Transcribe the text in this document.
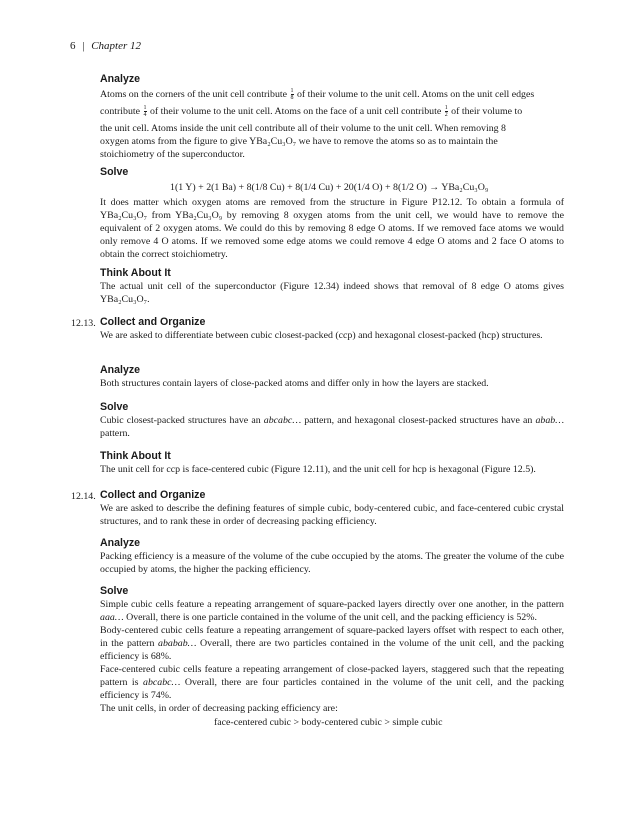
6 | Chapter 12
Analyze

Atoms on the corners of the unit cell contribute $\frac{1}{8}$ of their volume to the unit cell. Atoms on the unit cell edges

contribute $\frac{1}{4}$ of their volume to the unit cell. Atoms on the face of a unit cell contribute $\frac{1}{2}$ of their volume to

the unit cell. Atoms inside the unit cell contribute all of their volume to the unit cell. When removing 8

oxygen atoms from the figure to give YBa₂Cu₃O₇ we have to remove the atoms so as to maintain the

stoichiometry of the superconductor.

Solve
1(1 Y) + 2(1 Ba) + 8(1/8 Cu) + 8(1/4 Cu) + 20(1/4 O) + 8(1/2 O) → YBa₂Cu₃O₉
It does matter which oxygen atoms are removed from the structure in Figure P12.12. To obtain a formula of YBa₂Cu₃O₇ from YBa₂Cu₃O₉ by removing 8 oxygen atoms from the unit cell, we would have to remove the equivalent of 2 oxygen atoms. We could do this by removing 8 edge O atoms. If we removed face atoms we would only remove 4 O atoms. If we removed some edge atoms we could remove 4 edge O atoms and 2 face O atoms to obtain the correct stoichiometry.
Think About It

The actual unit cell of the superconductor (Figure 12.34) indeed shows that removal of 8 edge O atoms gives YBa₂Cu₃O₇.

12.13. Collect and Organize
We are asked to differentiate between cubic closest-packed (ccp) and hexagonal closest-packed (hcp) structures.
Analyze

Both structures contain layers of close-packed atoms and differ only in how the layers are stacked.

Solve

Cubic closest-packed structures have an abcabc… pattern, and hexagonal closest-packed structures have an abab… pattern.

Think About It

The unit cell for ccp is face-centered cubic (Figure 12.11), and the unit cell for hcp is hexagonal (Figure 12.5).

12.14. Collect and Organize
We are asked to describe the defining features of simple cubic, body-centered cubic, and face-centered cubic crystal structures, and to rank these in order of decreasing packing efficiency.
Analyze

Packing efficiency is a measure of the volume of the cube occupied by the atoms. The greater the volume of the cube occupied by atoms, the higher the packing efficiency.

Solve

Simple cubic cells feature a repeating arrangement of square-packed layers directly over one another, in the pattern aaa… Overall, there is one particle contained in the volume of the unit cell, and the packing efficiency is 52%.

Body-centered cubic cells feature a repeating arrangement of square-packed layers offset with respect to each other, in the pattern ababab… Overall, there are two particles contained in the volume of the unit cell, and the packing efficiency is 68%.

Face-centered cubic cells feature a repeating arrangement of close-packed layers, staggered such that the repeating pattern is abcabc… Overall, there are four particles contained in the volume of the unit cell, and the packing efficiency is 74%.

The unit cells, in order of decreasing packing efficiency are:

face-centered cubic > body-centered cubic > simple cubic
